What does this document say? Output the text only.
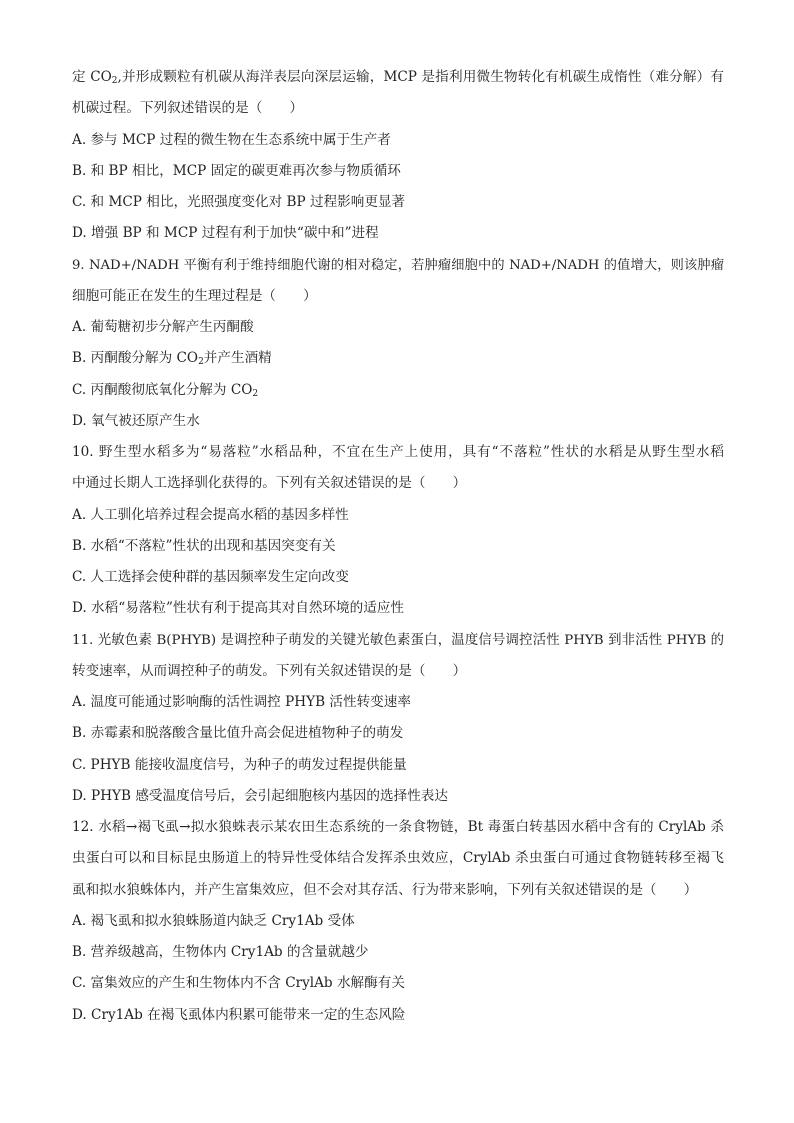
定 $CO_2$,并形成颗粒有机碳从海洋表层向深层运输，MCP 是指利用微生物转化有机碳生成惰性（难分解）有
机碳过程。下列叙述错误的是（　　）
A. 参与 MCP 过程的微生物在生态系统中属于生产者
B. 和 BP 相比，MCP 固定的碳更难再次参与物质循环
C. 和 MCP 相比，光照强度变化对 BP 过程影响更显著
D. 增强 BP 和 MCP 过程有利于加快“碳中和”进程
9. NAD+/NADH 平衡有利于维持细胞代谢的相对稳定，若肿瘤细胞中的 NAD+/NADH 的值增大，则该肿瘤
细胞可能正在发生的生理过程是（　　）
A. 葡萄糖初步分解产生丙酮酸
B. 丙酮酸分解为 $CO_2$并产生酒精
C. 丙酮酸彻底氧化分解为 $CO_2$
D. 氧气被还原产生水
10. 野生型水稻多为“易落粒”水稻品种，不宜在生产上使用，具有“不落粒”性状的水稻是从野生型水稻
中通过长期人工选择驯化获得的。下列有关叙述错误的是（　　）
A. 人工驯化培养过程会提高水稻的基因多样性
B. 水稻“不落粒”性状的出现和基因突变有关
C. 人工选择会使种群的基因频率发生定向改变
D. 水稻“易落粒”性状有利于提高其对自然环境的适应性
11. 光敏色素 B(PHYB) 是调控种子萌发的关键光敏色素蛋白，温度信号调控活性 PHYB 到非活性 PHYB 的
转变速率，从而调控种子的萌发。下列有关叙述错误的是（　　）
A. 温度可能通过影响酶的活性调控 PHYB 活性转变速率
B. 赤霉素和脱落酸含量比值升高会促进植物种子的萌发
C. PHYB 能接收温度信号，为种子的萌发过程提供能量
D. PHYB 感受温度信号后，会引起细胞核内基因的选择性表达
12. 水稻→褐飞虱→拟水狼蛛表示某农田生态系统的一条食物链，Bt 毒蛋白转基因水稻中含有的 CrylAb 杀
虫蛋白可以和目标昆虫肠道上的特异性受体结合发挥杀虫效应，CrylAb 杀虫蛋白可通过食物链转移至褐飞
虱和拟水狼蛛体内，并产生富集效应，但不会对其存活、行为带来影响，下列有关叙述错误的是（　　）
A. 褐飞虱和拟水狼蛛肠道内缺乏 Cry1Ab 受体
B. 营养级越高，生物体内 Cry1Ab 的含量就越少
C. 富集效应的产生和生物体内不含 CrylAb 水解酶有关
D. Cry1Ab 在褐飞虱体内积累可能带来一定的生态风险
